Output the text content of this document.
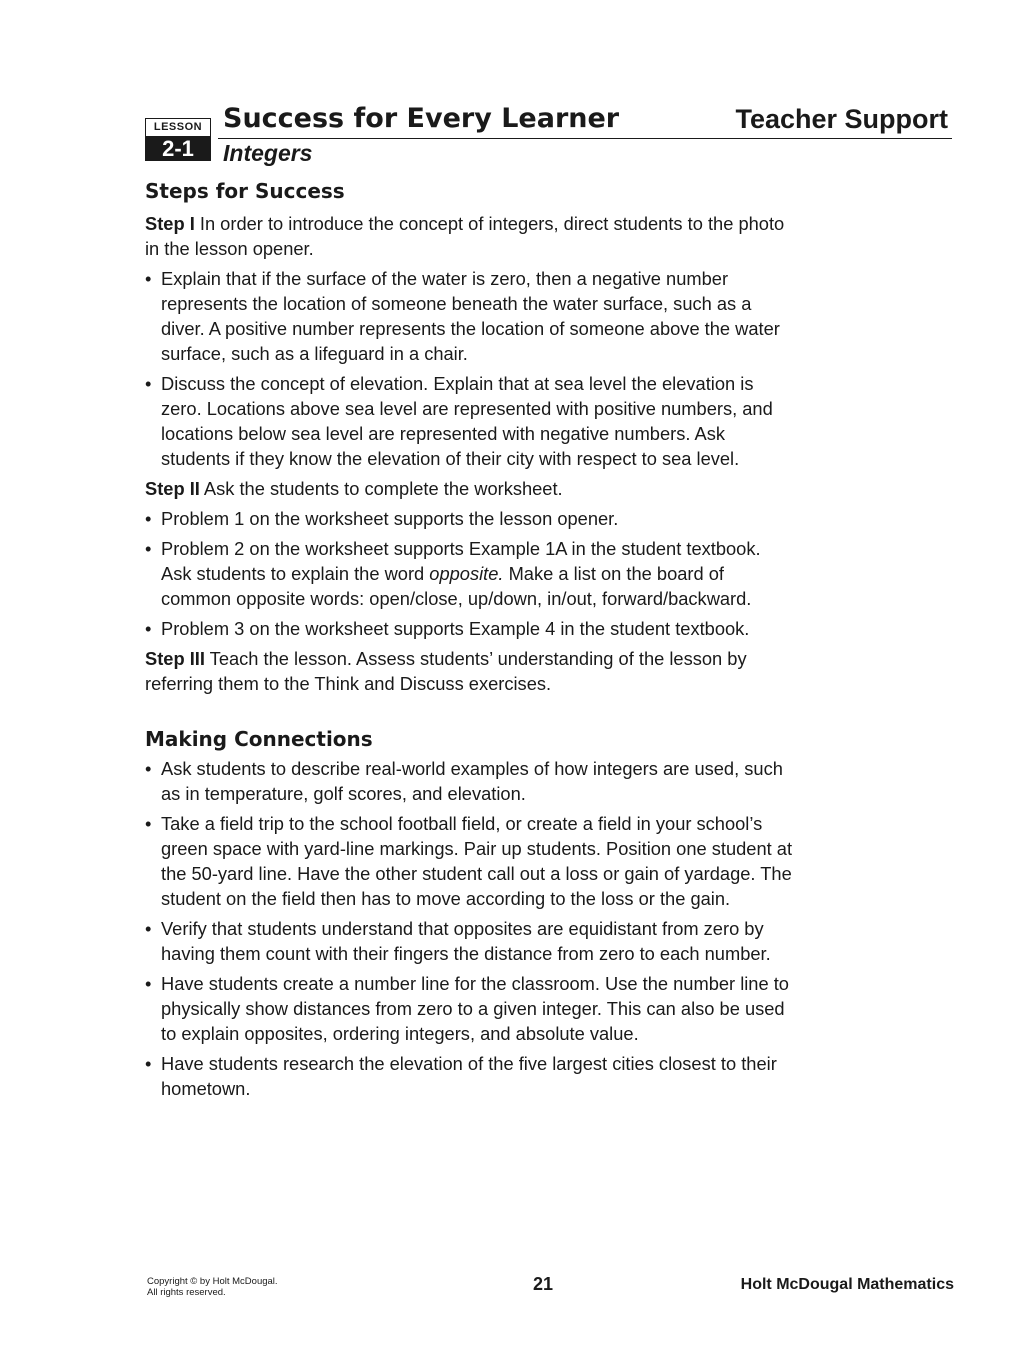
LESSON
2-1
Success for Every Learner	Teacher Support
Integers
Steps for Success

Step I In order to introduce the concept of integers, direct students to the photo in the lesson opener.

• Explain that if the surface of the water is zero, then a negative number represents the location of someone beneath the water surface, such as a diver. A positive number represents the location of someone above the water surface, such as a lifeguard in a chair.
• Discuss the concept of elevation. Explain that at sea level the elevation is zero. Locations above sea level are represented with positive numbers, and locations below sea level are represented with negative numbers. Ask students if they know the elevation of their city with respect to sea level.

Step II Ask the students to complete the worksheet.

• Problem 1 on the worksheet supports the lesson opener.
• Problem 2 on the worksheet supports Example 1A in the student textbook. Ask students to explain the word opposite. Make a list on the board of common opposite words: open/close, up/down, in/out, forward/backward.
• Problem 3 on the worksheet supports Example 4 in the student textbook.

Step III Teach the lesson. Assess students’ understanding of the lesson by referring them to the Think and Discuss exercises.

Making Connections
• Ask students to describe real-world examples of how integers are used, such as in temperature, golf scores, and elevation.
• Take a field trip to the school football field, or create a field in your school’s green space with yard-line markings. Pair up students. Position one student at the 50-yard line. Have the other student call out a loss or gain of yardage. The student on the field then has to move according to the loss or the gain.
• Verify that students understand that opposites are equidistant from zero by having them count with their fingers the distance from zero to each number.
• Have students create a number line for the classroom. Use the number line to physically show distances from zero to a given integer. This can also be used to explain opposites, ordering integers, and absolute value.
• Have students research the elevation of the five largest cities closest to their hometown.
Copyright © by Holt McDougal.
All rights reserved.	21	Holt McDougal Mathematics
